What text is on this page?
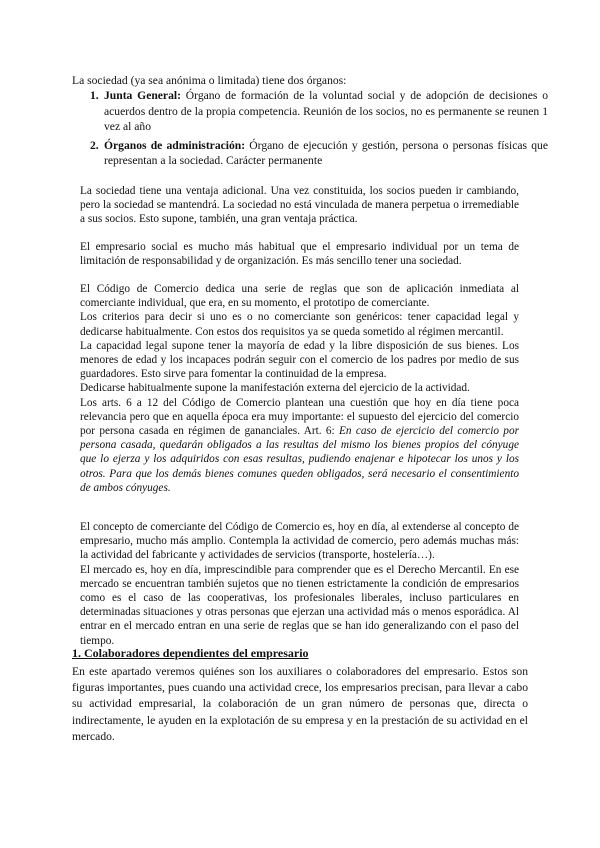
La sociedad (ya sea anónima o limitada) tiene dos órganos:

1. Junta General: Órgano de formación de la voluntad social y de adopción de decisiones o acuerdos dentro de la propia competencia. Reunión de los socios, no es permanente se reunen 1 vez al año
2. Órganos de administración: Órgano de ejecución y gestión, persona o personas físicas que representan a la sociedad. Carácter permanente

La sociedad tiene una ventaja adicional. Una vez constituida, los socios pueden ir cambiando, pero la sociedad se mantendrá. La sociedad no está vinculada de manera perpetua o irremediable a sus socios. Esto supone, también, una gran ventaja práctica.

El empresario social es mucho más habitual que el empresario individual por un tema de limitación de responsabilidad y de organización. Es más sencillo tener una sociedad.

El Código de Comercio dedica una serie de reglas que son de aplicación inmediata al comerciante individual, que era, en su momento, el prototipo de comerciante.

Los criterios para decir si uno es o no comerciante son genéricos: tener capacidad legal y dedicarse habitualmente. Con estos dos requisitos ya se queda sometido al régimen mercantil.

La capacidad legal supone tener la mayoría de edad y la libre disposición de sus bienes. Los menores de edad y los incapaces podrán seguir con el comercio de los padres por medio de sus guardadores. Esto sirve para fomentar la continuidad de la empresa.

Dedicarse habitualmente supone la manifestación externa del ejercicio de la actividad.

Los arts. 6 a 12 del Código de Comercio plantean una cuestión que hoy en día tiene poca relevancia pero que en aquella época era muy importante: el supuesto del ejercicio del comercio por persona casada en régimen de gananciales. Art. 6: En caso de ejercicio del comercio por persona casada, quedarán obligados a las resultas del mismo los bienes propios del cónyuge que lo ejerza y los adquiridos con esas resultas, pudiendo enajenar e hipotecar los unos y los otros. Para que los demás bienes comunes queden obligados, será necesario el consentimiento de ambos cónyuges.

El concepto de comerciante del Código de Comercio es, hoy en día, al extenderse al concepto de empresario, mucho más amplio. Contempla la actividad de comercio, pero además muchas más: la actividad del fabricante y actividades de servicios (transporte, hostelería…).

El mercado es, hoy en día, imprescindible para comprender que es el Derecho Mercantil. En ese mercado se encuentran también sujetos que no tienen estrictamente la condición de empresarios como es el caso de las cooperativas, los profesionales liberales, incluso particulares en determinadas situaciones y otras personas que ejerzan una actividad más o menos esporádica. Al entrar en el mercado entran en una serie de reglas que se han ido generalizando con el paso del tiempo.

1. Colaboradores dependientes del empresario

En este apartado veremos quiénes son los auxiliares o colaboradores del empresario. Estos son figuras importantes, pues cuando una actividad crece, los empresarios precisan, para llevar a cabo su actividad empresarial, la colaboración de un gran número de personas que, directa o indirectamente, le ayuden en la explotación de su empresa y en la prestación de su actividad en el mercado.
